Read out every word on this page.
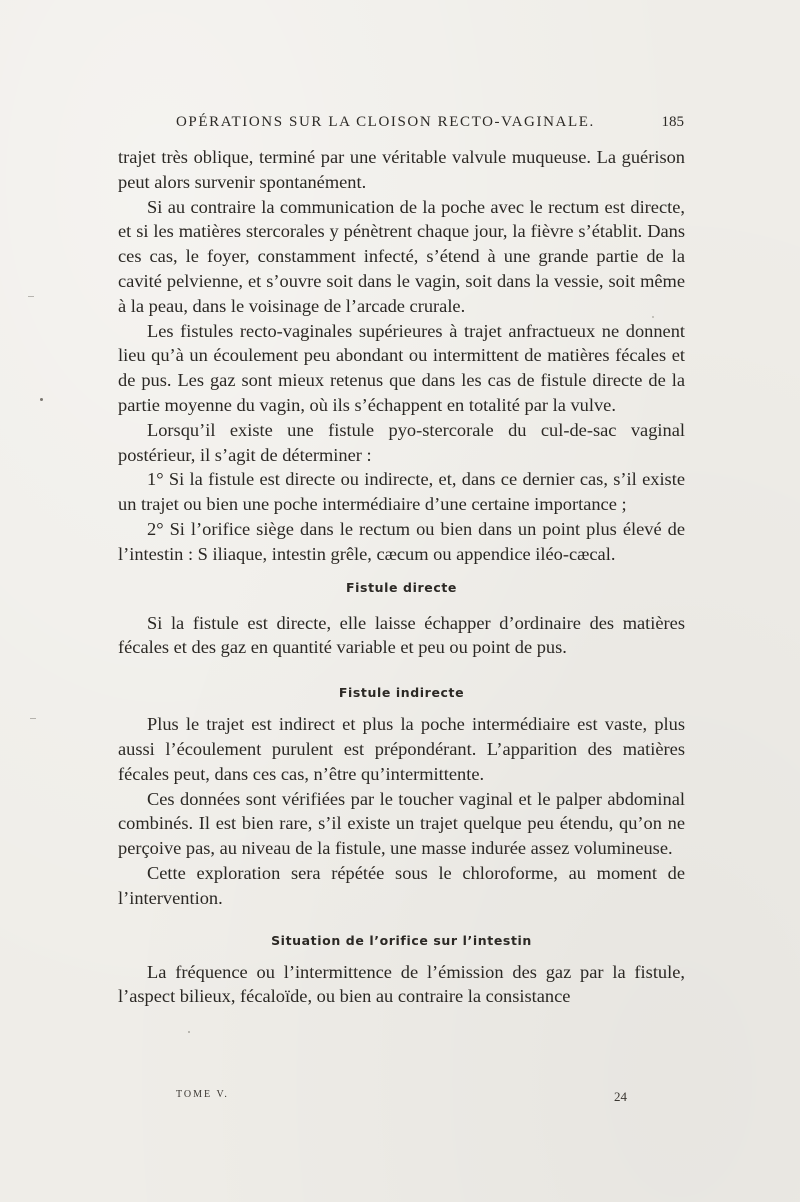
OPÉRATIONS SUR LA CLOISON RECTO-VAGINALE.	185

trajet très oblique, terminé par une véritable valvule muqueuse. La guérison peut alors survenir spontanément.

Si au contraire la communication de la poche avec le rectum est directe, et si les matières stercorales y pénètrent chaque jour, la fièvre s’établit. Dans ces cas, le foyer, constamment infecté, s’étend à une grande partie de la cavité pelvienne, et s’ouvre soit dans le vagin, soit dans la vessie, soit même à la peau, dans le voisinage de l’arcade crurale.

Les fistules recto-vaginales supérieures à trajet anfractueux ne donnent lieu qu’à un écoulement peu abondant ou intermittent de matières fécales et de pus. Les gaz sont mieux retenus que dans les cas de fistule directe de la partie moyenne du vagin, où ils s’échappent en totalité par la vulve.

Lorsqu’il existe une fistule pyo-stercorale du cul-de-sac vaginal postérieur, il s’agit de déterminer :

1° Si la fistule est directe ou indirecte, et, dans ce dernier cas, s’il existe un trajet ou bien une poche intermédiaire d’une certaine importance ;

2° Si l’orifice siège dans le rectum ou bien dans un point plus élevé de l’intestin : S iliaque, intestin grêle, cæcum ou appendice iléo-cæcal.

Fistule directe

Si la fistule est directe, elle laisse échapper d’ordinaire des matières fécales et des gaz en quantité variable et peu ou point de pus.

Fistule indirecte

Plus le trajet est indirect et plus la poche intermédiaire est vaste, plus aussi l’écoulement purulent est prépondérant. L’apparition des matières fécales peut, dans ces cas, n’être qu’intermittente.

Ces données sont vérifiées par le toucher vaginal et le palper abdominal combinés. Il est bien rare, s’il existe un trajet quelque peu étendu, qu’on ne perçoive pas, au niveau de la fistule, une masse indurée assez volumineuse.

Cette exploration sera répétée sous le chloroforme, au moment de l’intervention.

Situation de l’orifice sur l’intestin

La fréquence ou l’intermittence de l’émission des gaz par la fistule, l’aspect bilieux, fécaloïde, ou bien au contraire la consistance

TOME V.	24
